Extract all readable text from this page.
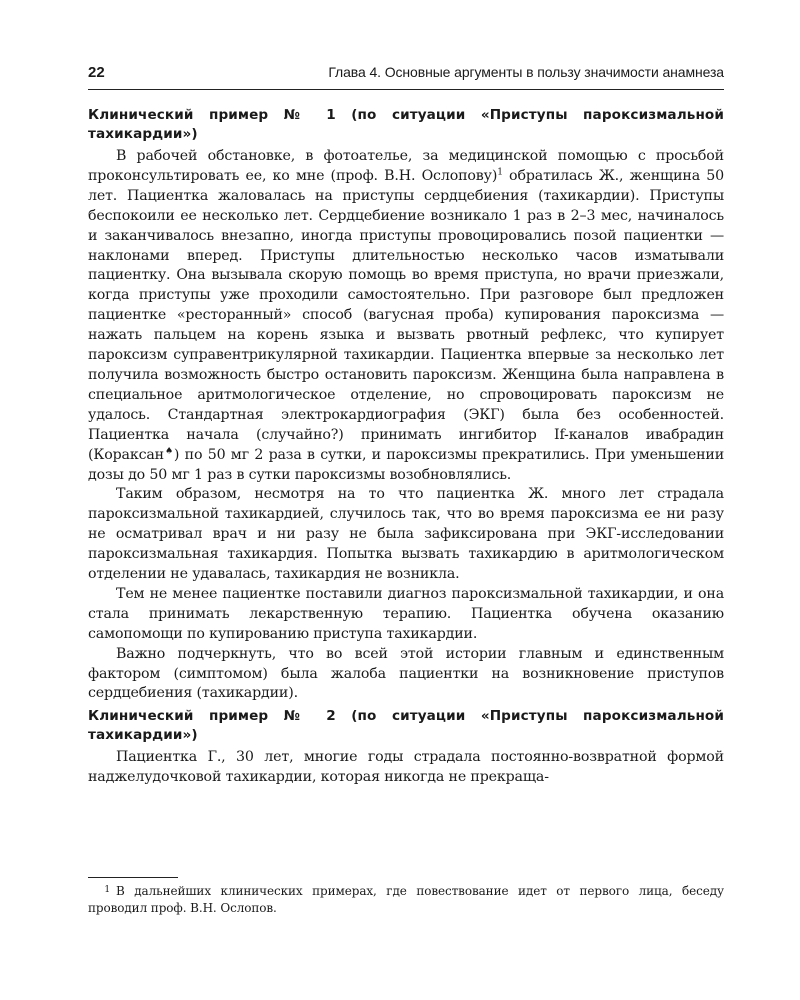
22	Глава 4. Основные аргументы в пользу значимости анамнеза

Клинический пример № 1 (по ситуации «Приступы пароксизмальной тахикардии»)

В рабочей обстановке, в фотоателье, за медицинской помощью с просьбой проконсультировать ее, ко мне (проф. В.Н. Ослопову)$^1$ обратилась Ж., женщина 50 лет. Пациентка жаловалась на приступы сердцебиения (тахикардии). Приступы беспокоили ее несколько лет. Сердцебиение возникало 1 раз в 2–3 мес, начиналось и заканчивалось внезапно, иногда приступы провоцировались позой пациентки — наклонами вперед. Приступы длительностью несколько часов изматывали пациентку. Она вызывала скорую помощь во время приступа, но врачи приезжали, когда приступы уже проходили самостоятельно. При разговоре был предложен пациентке «ресторанный» способ (вагусная проба) купирования пароксизма — нажать пальцем на корень языка и вызвать рвотный рефлекс, что купирует пароксизм суправентрикулярной тахикардии. Пациентка впервые за несколько лет получила возможность быстро остановить пароксизм. Женщина была направлена в специальное аритмологическое отделение, но спровоцировать пароксизм не удалось. Стандартная электрокардиография (ЭКГ) была без особенностей. Пациентка начала (случайно?) принимать ингибитор If-каналов ивабрадин (Кораксан♠) по 50 мг 2 раза в сутки, и пароксизмы прекратились. При уменьшении дозы до 50 мг 1 раз в сутки пароксизмы возобновлялись.

Таким образом, несмотря на то что пациентка Ж. много лет страдала пароксизмальной тахикардией, случилось так, что во время пароксизма ее ни разу не осматривал врач и ни разу не была зафиксирована при ЭКГ-исследовании пароксизмальная тахикардия. Попытка вызвать тахикардию в аритмологическом отделении не удавалась, тахикардия не возникла.

Тем не менее пациентке поставили диагноз пароксизмальной тахикардии, и она стала принимать лекарственную терапию. Пациентка обучена оказанию самопомощи по купированию приступа тахикардии.

Важно подчеркнуть, что во всей этой истории главным и единственным фактором (симптомом) была жалоба пациентки на возникновение приступов сердцебиения (тахикардии).

Клинический пример № 2 (по ситуации «Приступы пароксизмальной тахикардии»)

Пациентка Г., 30 лет, многие годы страдала постоянно-возвратной формой наджелудочковой тахикардии, которая никогда не прекраща-

1 В дальнейших клинических примерах, где повествование идет от первого лица, беседу проводил проф. В.Н. Ослопов.
